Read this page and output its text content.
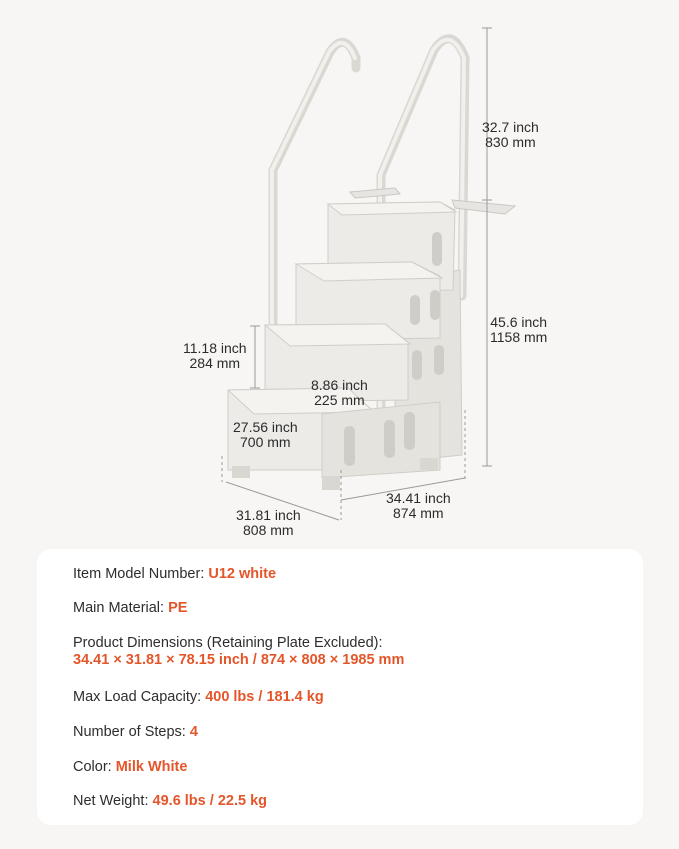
32.7 inch
830 mm
45.6 inch
1158 mm
11.18 inch
284 mm
8.86 inch
225 mm
27.56 inch
700 mm
31.81 inch
808 mm
34.41 inch
874 mm
Item Model Number: U12 white
Main Material: PE
Product Dimensions (Retaining Plate Excluded):
34.41 × 31.81 × 78.15 inch / 874 × 808 × 1985 mm
Max Load Capacity: 400 lbs / 181.4 kg
Number of Steps: 4
Color: Milk White
Net Weight: 49.6 lbs / 22.5 kg
